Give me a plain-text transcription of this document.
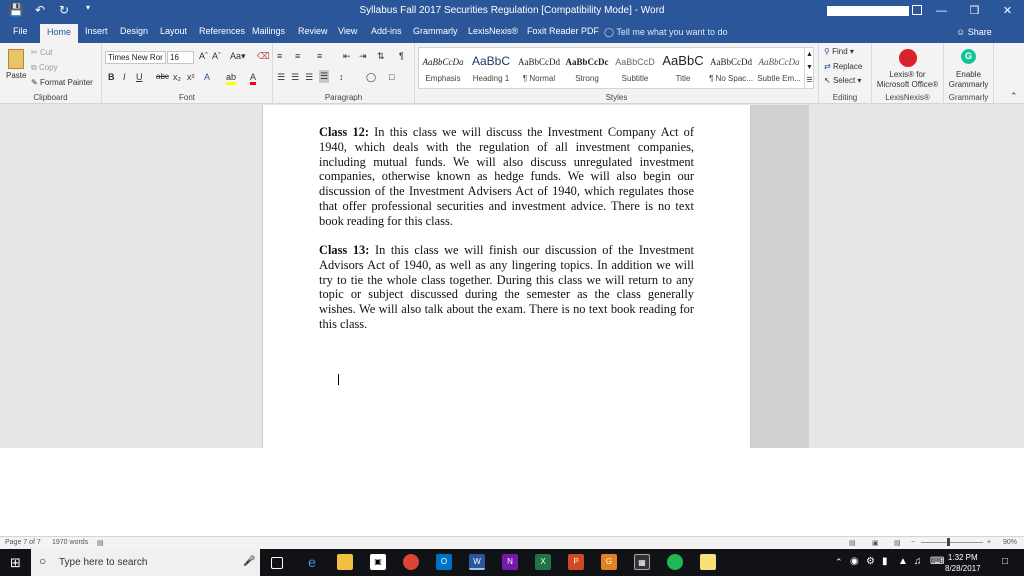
💾 ↶ ↻	▾	Syllabus Fall 2017 Securities Regulation [Compatibility Mode] - Word	—	❒	✕
File	Home	Insert Design Layout References Mailings Review View Add-ins Grammarly LexisNexis® Foxit Reader PDF ◯ Tell me what you want to do	☺ Share
Paste
✂ Cut
⧉ Copy
✎ Format Painter
Clipboard
Times New Ror 16	Aˆ Aˇ Aa▾ ⌫
B I U abc x₂ x² A ab A
Font
≡ ≡ ≡ ⇤ ⇥ ⇅ ¶
☰ ☰ ☰ ☰ ↕	◯ □
Paragraph	Styles
AaBbCcDa
Emphasis
AaBbC
Heading 1
AaBbCcDd
¶ Normal
AaBbCcDc
Strong
AaBbCcD
Subtitle
AaBbC
Title
AaBbCcDd
¶ No Spac...
AaBbCcDa
Subtle Em...
▲
▼
☰
⚲ Find ▾
⇄ Replace
↖ Select ▾
Editing
Lexis® for
Microsoft Office®
LexisNexis®
G
Enable
Grammarly
Grammarly	⌃
Class 12: In this class we will discuss the Investment Company Act of 1940, which deals with the regulation of all investment companies, including mutual funds. We will also discuss unregulated investment companies, otherwise known as hedge funds. We will also begin our discussion of the Investment Advisers Act of 1940, which regulates those that offer professional securities and investment advice. There is no text book reading for this class.
Class 13: In this class we will finish our discussion of the Investment Advisors Act of 1940, as well as any lingering topics. In addition we will try to tie the whole class together. During this class we will return to any topic or subject discussed during the semester as the class generally wishes. We will also talk about the exam. There is no text book reading for this class.
Page 7 of 7 1970 words ▤	▤ ▣ ▤ −	+ 90%
⊞ ○ Type here to search	🎤	e	▣	O	W	N	X	P	G	▦	⌃ ◉ ⚙ ▮ ▲ ♫ ⌨ 1:32 PM
8/28/2017
□
